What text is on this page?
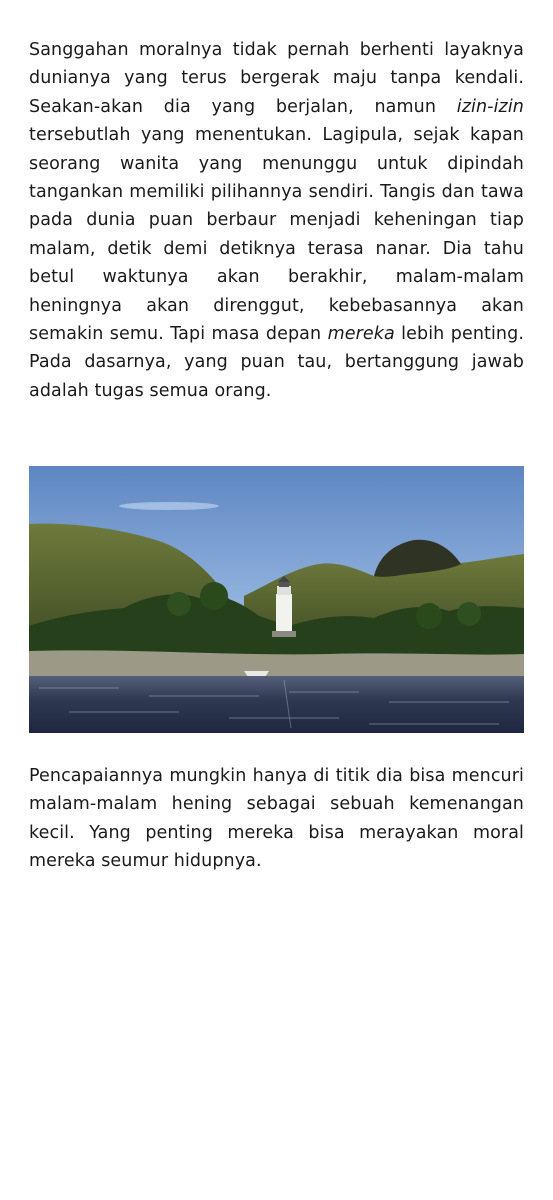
Sanggahan moralnya tidak pernah berhenti layaknya dunianya yang terus bergerak maju tanpa kendali. Seakan-akan dia yang berjalan, namun izin-izin tersebutlah yang menentukan. Lagipula, sejak kapan seorang wanita yang menunggu untuk dipindah tangankan memiliki pilihannya sendiri. Tangis dan tawa pada dunia puan berbaur menjadi keheningan tiap malam, detik demi detiknya terasa nanar. Dia tahu betul waktunya akan berakhir, malam-malam heningnya akan direnggut, kebebasannya akan semakin semu. Tapi masa depan mereka lebih penting. Pada dasarnya, yang puan tau, bertanggung jawab adalah tugas semua orang.

Pencapaiannya mungkin hanya di titik dia bisa mencuri malam-malam hening sebagai sebuah kemenangan kecil. Yang penting mereka bisa merayakan moral mereka seumur hidupnya.
